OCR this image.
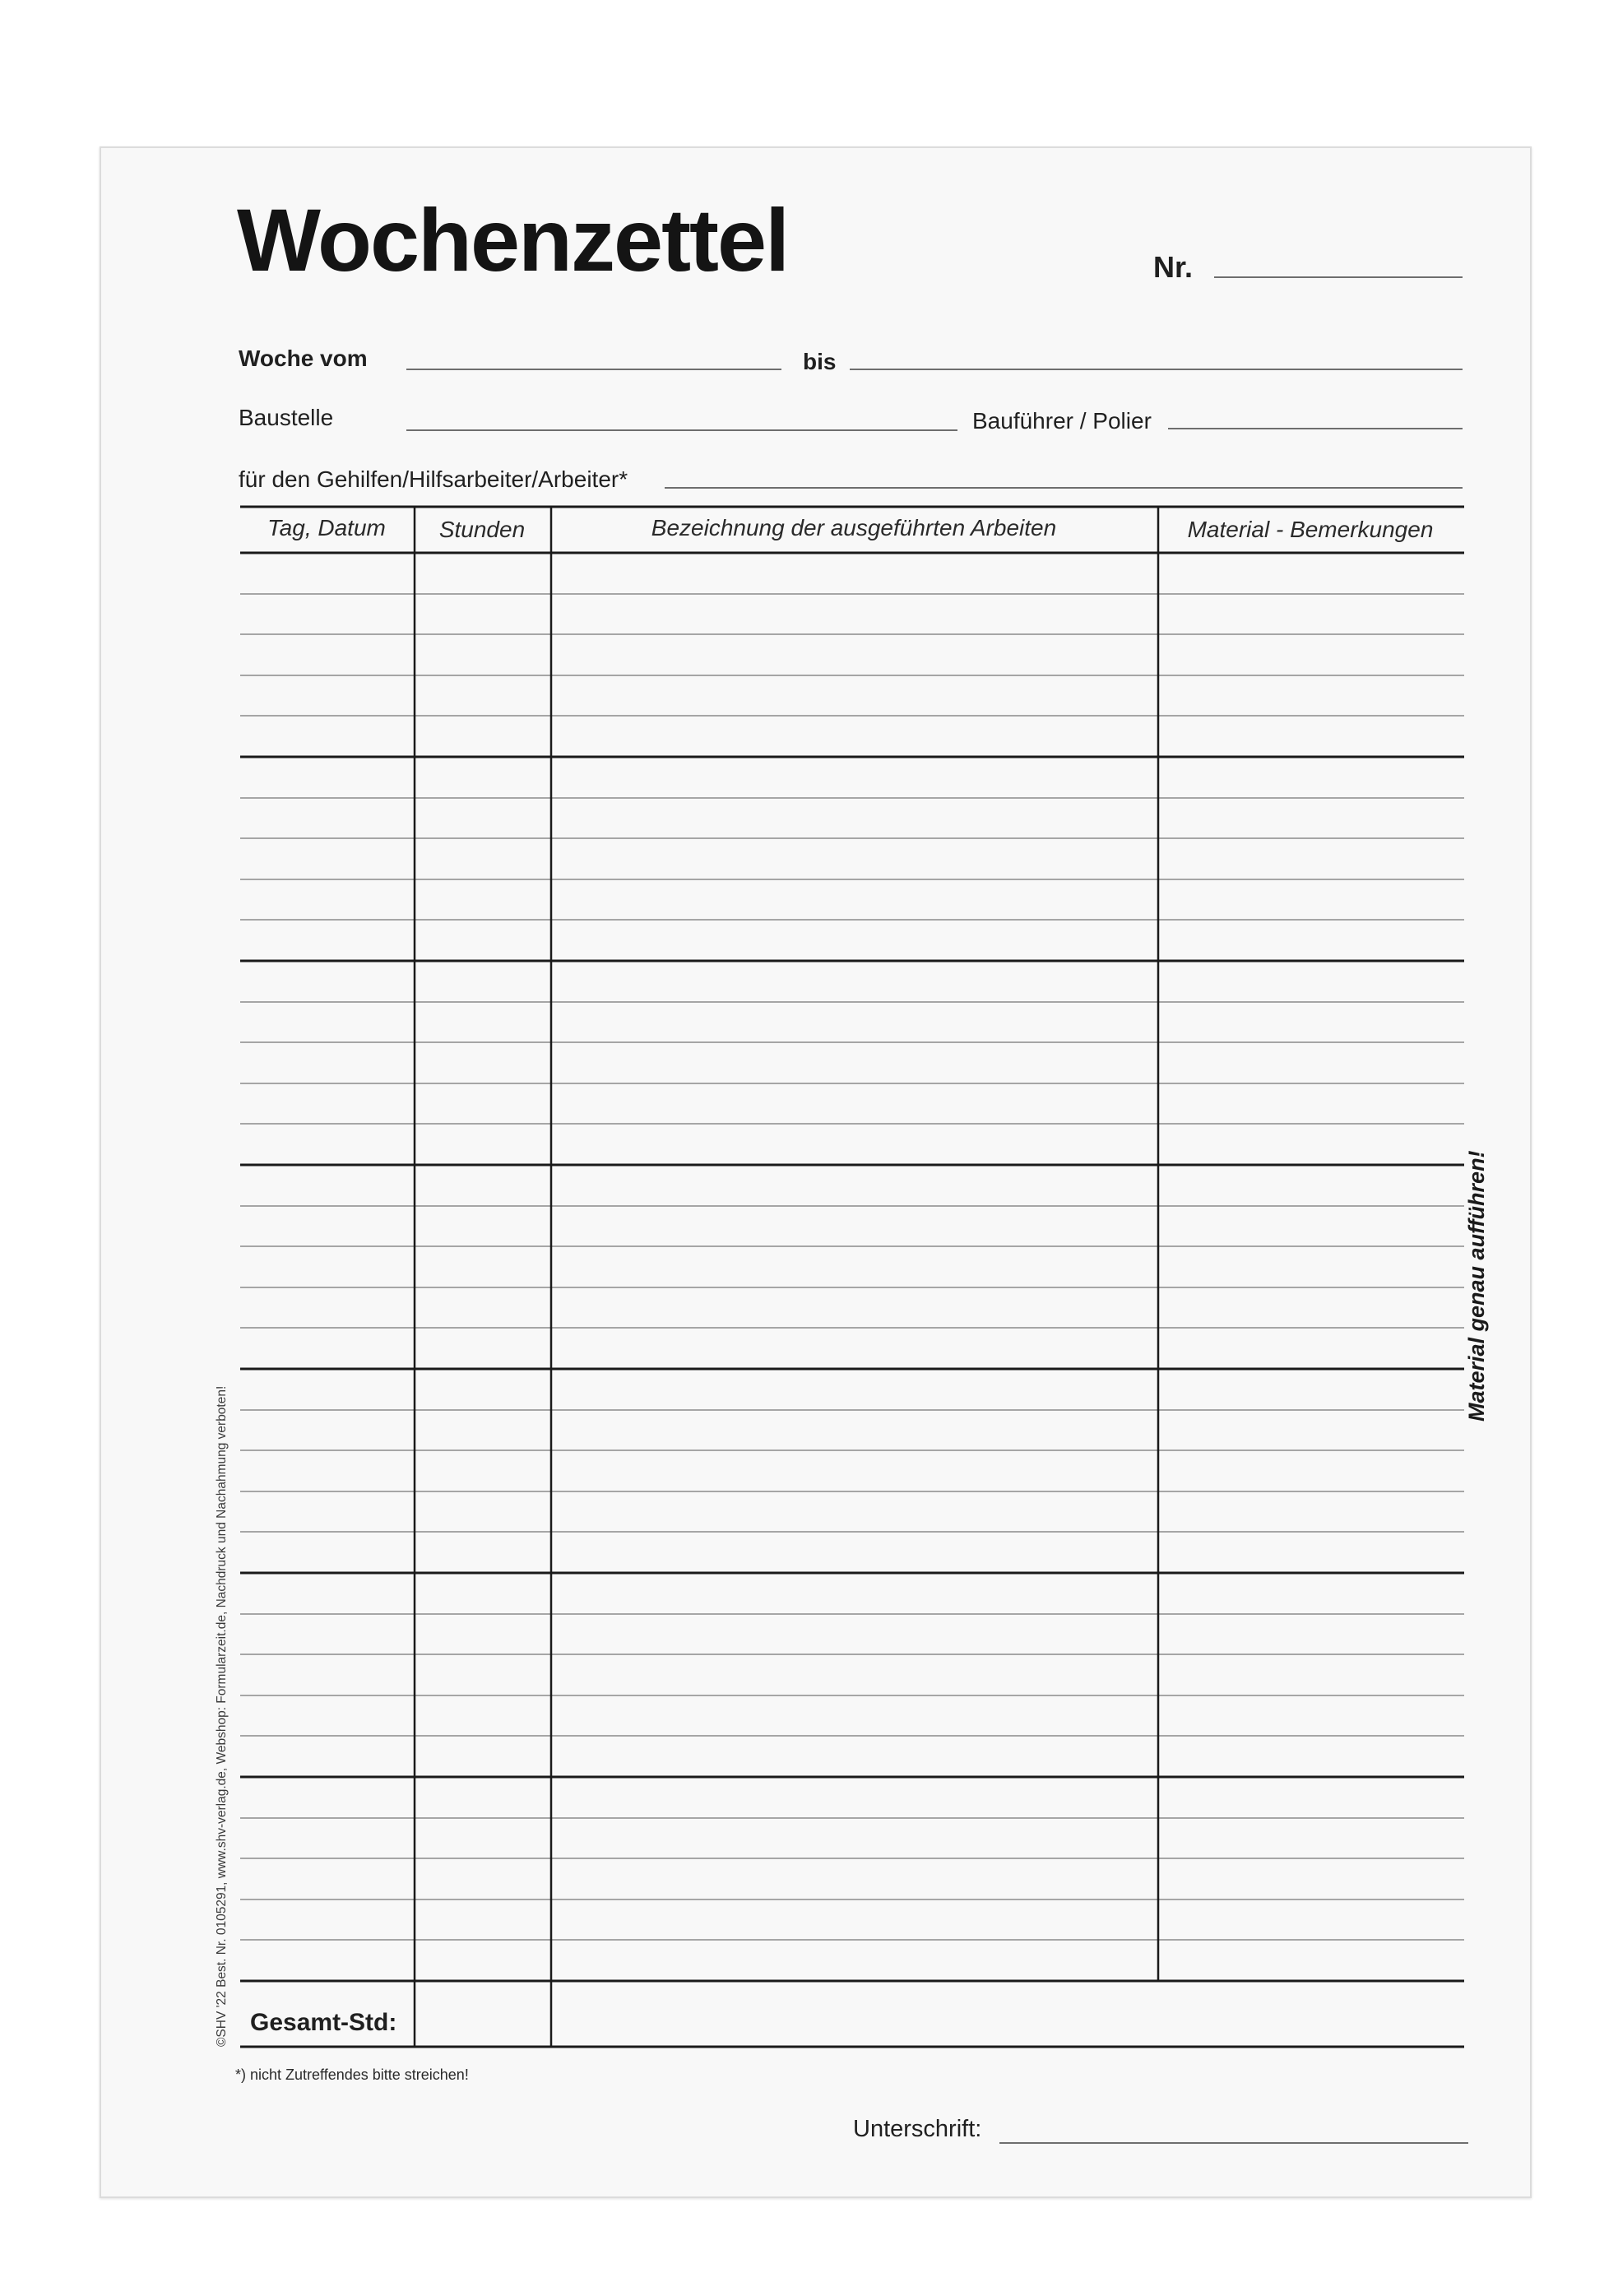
Wochenzettel	Nr.
Woche vom	bis
Baustelle	Bauführer / Polier
für den Gehilfen/Hilfsarbeiter/Arbeiter*
Tag, Datum	Stunden	Bezeichnung der ausgeführten Arbeiten	Material - Bemerkungen
Gesamt-Std:
©SHV '22 Best. Nr. 0105291, www.shv-verlag.de, Webshop: Formularzeit.de, Nachdruck und Nachahmung verboten!
Material genau aufführen!
*) nicht Zutreffendes bitte streichen!
Unterschrift:
